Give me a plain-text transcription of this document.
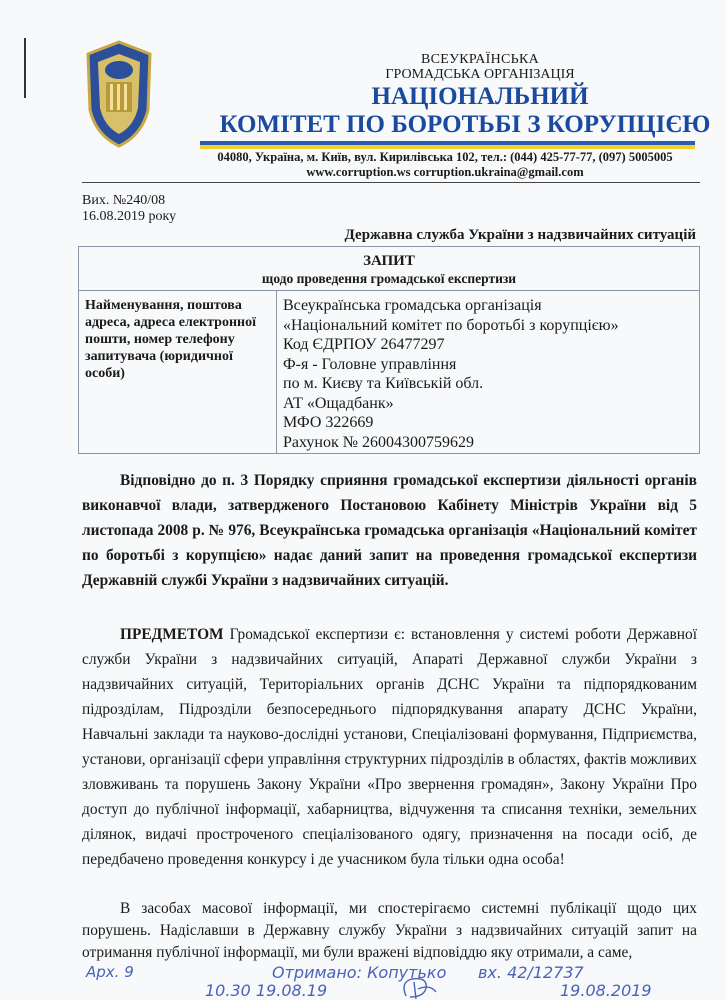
ВСЕУКРАЇНСЬКА
ГРОМАДСЬКА ОРГАНІЗАЦІЯ
НАЦІОНАЛЬНИЙ
КОМІТЕТ ПО БОРОТЬБІ З КОРУПЦІЄЮ
04080, Україна, м. Київ, вул. Кирилівська 102, тел.: (044) 425-77-77, (097) 5005005
www.corruption.ws corruption.ukraina@gmail.com
Вих. №240/08
16.08.2019 року
Державна служба України з надзвичайних ситуацій
ЗАПИТ
щодо проведення громадської експертизи
Найменування, поштова адреса, адреса електронної пошти, номер телефону запитувача (юридичної особи)
Всеукраїнська громадська організація
«Національний комітет по боротьбі з корупцією»
Код ЄДРПОУ 26477297
Ф-я - Головне управління
по м. Києву та Київській обл.
АТ «Ощадбанк»
МФО 322669
Рахунок № 26004300759629
Відповідно до п. 3 Порядку сприяння громадської експертизи діяльності органів виконавчої влади, затвердженого Постановою Кабінету Міністрів України від 5 листопада 2008 р. № 976, Всеукраїнська громадська організація «Національний комітет по боротьбі з корупцією» надає даний запит на проведення громадської експертизи Державній службі України з надзвичайних ситуацій.
ПРЕДМЕТОМ Громадської експертизи є: встановлення у системі роботи Державної служби України з надзвичайних ситуацій, Апараті Державної служби України з надзвичайних ситуацій, Територіальних органів ДСНС України та підпорядкованим підрозділам, Підрозділи безпосереднього підпорядкування апарату ДСНС України, Навчальні заклади та науково-дослідні установи, Спеціалізовані формування, Підприємства, установи, організації сфери управління структурних підрозділів в областях, фактів можливих зловживань та порушень Закону України «Про звернення громадян», Закону України Про доступ до публічної інформації, хабарництва, відчуження та списання техніки, земельних ділянок, видачі простроченого спеціалізованого одягу, призначення на посади осіб, де передбачено проведення конкурсу і де учасником була тільки одна особа!
В засобах масової інформації, ми спостерігаємо системні публікації щодо цих порушень. Надіславши в Державну службу України з надзвичайних ситуацій запит на отримання публічної інформації, ми були вражені відповіддю яку отримали, а саме,
Арх. 9	Отримано: Копутько вх. 42/12737
10.30 19.08.19	19.08.2019
